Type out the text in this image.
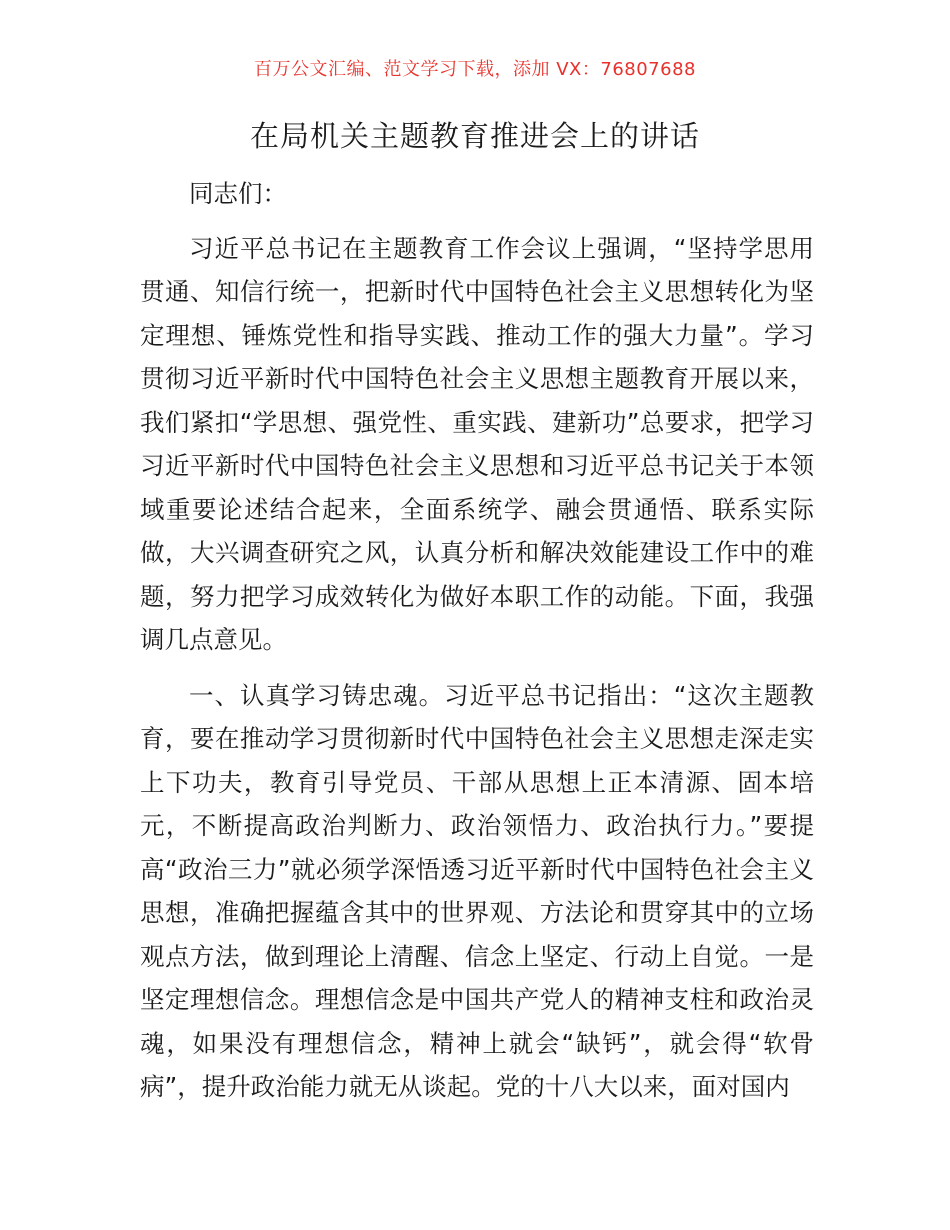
百万公文汇编、范文学习下载，添加 VX：76807688
在局机关主题教育推进会上的讲话

同志们：

习近平总书记在主题教育工作会议上强调，“坚持学思用贯通、知信行统一，把新时代中国特色社会主义思想转化为坚定理想、锤炼党性和指导实践、推动工作的强大力量”。学习贯彻习近平新时代中国特色社会主义思想主题教育开展以来，我们紧扣“学思想、强党性、重实践、建新功”总要求，把学习习近平新时代中国特色社会主义思想和习近平总书记关于本领域重要论述结合起来，全面系统学、融会贯通悟、联系实际做，大兴调查研究之风，认真分析和解决效能建设工作中的难题，努力把学习成效转化为做好本职工作的动能。下面，我强调几点意见。

一、认真学习铸忠魂。习近平总书记指出：“这次主题教育，要在推动学习贯彻新时代中国特色社会主义思想走深走实上下功夫，教育引导党员、干部从思想上正本清源、固本培元，不断提高政治判断力、政治领悟力、政治执行力。”要提高“政治三力”就必须学深悟透习近平新时代中国特色社会主义思想，准确把握蕴含其中的世界观、方法论和贯穿其中的立场观点方法，做到理论上清醒、信念上坚定、行动上自觉。一是坚定理想信念。理想信念是中国共产党人的精神支柱和政治灵魂，如果没有理想信念，精神上就会“缺钙”，就会得“软骨病”，提升政治能力就无从谈起。党的十八大以来，面对国内
